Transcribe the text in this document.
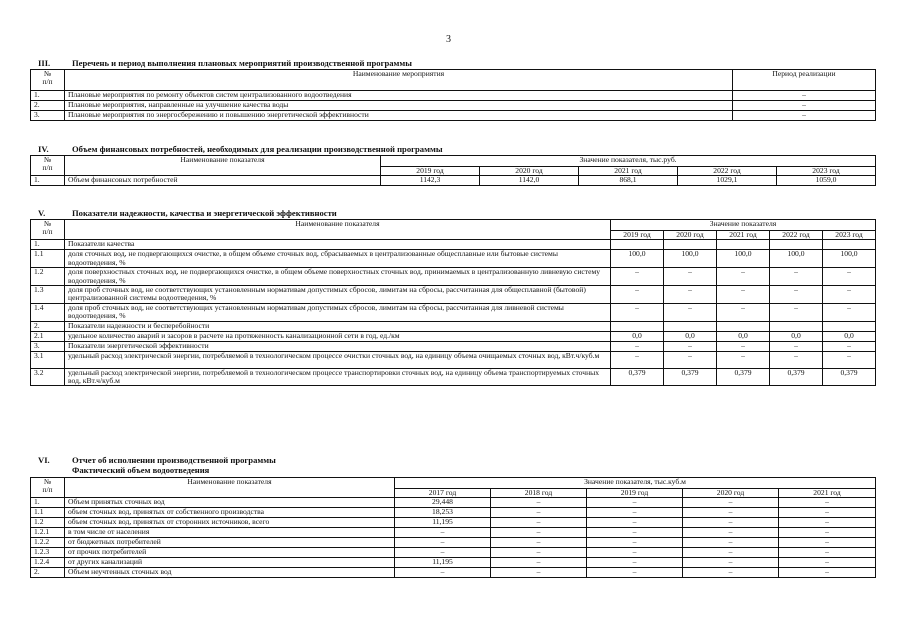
3
III.	Перечень и период выполнения плановых мероприятий производственной программы
№
п/п	Наименование мероприятия	Период реализации
1.	Плановые мероприятия по ремонту объектов систем централизованного водоотведения	–
2.	Плановые мероприятия, направленные на улучшение качества воды	–
3.	Плановые мероприятия по энергосбережению и повышению энергетической эффективности	–
IV.	Объем финансовых потребностей, необходимых для реализации производственной программы
№
п/п	Наименование показателя	Значение показателя, тыс.руб.				
		2019 год	2020 год	2021 год	2022 год	2023 год
1.	Объем финансовых потребностей	1142,3	1142,0	868,1	1029,1	1059,0
V.	Показатели надежности, качества и энергетической эффективности
№
п/п	Наименование показателя	Значение показателя				
		2019 год	2020 год	2021 год	2022 год	2023 год
1.	Показатели качества					
1.1	доля сточных вод, не подвергающихся очистке, в общем объеме сточных вод, сбрасываемых в централизованные общесплавные или бытовые системы водоотведения, %	100,0	100,0	100,0	100,0	100,0
1.2	доля поверхностных сточных вод, не подвергающихся очистке, в общем объеме поверхностных сточных вод, принимаемых в централизованную ливневую систему водоотведения, %	–	–	–	–	–
1.3	доля проб сточных вод, не соответствующих установленным нормативам допустимых сбросов, лимитам на сбросы, рассчитанная для общесплавной (бытовой) централизованной системы водоотведения, %	–	–	–	–	–
1.4	доля проб сточных вод, не соответствующих установленным нормативам допустимых сбросов, лимитам на сбросы, рассчитанная для ливневой системы водоотведения, %	–	–	–	–	–
2.	Показатели надежности и бесперебойности					
2.1	удельное количество аварий и засоров в расчете на протяженность канализационной сети в год, ед./км	0,0	0,0	0,0	0,0	0,0
3.	Показатели энергетической эффективности	–	–	–	–	–
3.1	удельный расход электрической энергии, потребляемой в технологическом процессе очистки сточных вод, на единицу объема очищаемых сточных вод, кВт.ч/куб.м	–	–	–	–	–
3.2	удельный расход электрической энергии, потребляемой в технологическом процессе транспортировки сточных вод, на единицу объема транспортируемых сточных вод, кВт.ч/куб.м	0,379	0,379	0,379	0,379	0,379
VI.	Отчет об исполнении производственной программы
Фактический объем водоотведения
№
п/п	Наименование показателя	Значение показателя, тыс.куб.м				
		2017 год	2018 год	2019 год	2020 год	2021 год
1.	Объем принятых сточных вод	29,448	–	–	–	–
1.1	объем сточных вод, принятых от собственного производства	18,253	–	–	–	–
1.2	объем сточных вод, принятых от сторонних источников, всего	11,195	–	–	–	–
1.2.1	в том числе от населения	–	–	–	–	–
1.2.2	от бюджетных потребителей	–	–	–	–	–
1.2.3	от прочих потребителей	–	–	–	–	–
1.2.4	от других канализаций	11,195	–	–	–	–
2.	Объем неучтенных сточных вод	–	–	–	–	–
